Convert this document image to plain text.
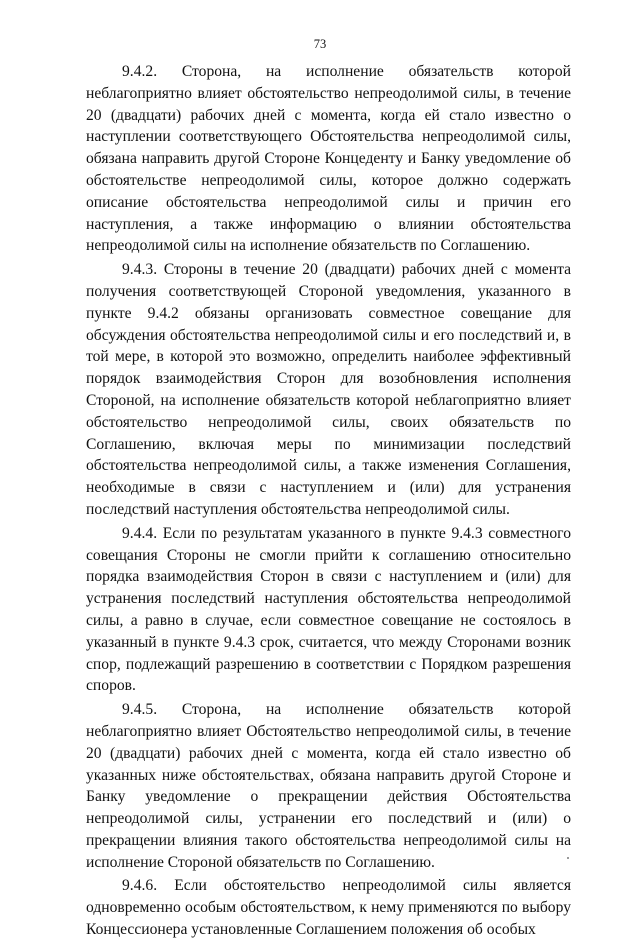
73

9.4.2. Сторона, на исполнение обязательств которой неблагоприятно влияет обстоятельство непреодолимой силы, в течение 20 (двадцати) рабочих дней с момента, когда ей стало известно о наступлении соответствующего Обстоятельства непреодолимой силы, обязана направить другой Стороне Концеденту и Банку уведомление об обстоятельстве непреодолимой силы, которое должно содержать описание обстоятельства непреодолимой силы и причин его наступления, а также информацию о влиянии обстоятельства непреодолимой силы на исполнение обязательств по Соглашению.

9.4.3. Стороны в течение 20 (двадцати) рабочих дней с момента получения соответствующей Стороной уведомления, указанного в пункте 9.4.2 обязаны организовать совместное совещание для обсуждения обстоятельства непреодолимой силы и его последствий и, в той мере, в которой это возможно, определить наиболее эффективный порядок взаимодействия Сторон для возобновления исполнения Стороной, на исполнение обязательств которой неблагоприятно влияет обстоятельство непреодолимой силы, своих обязательств по Соглашению, включая меры по минимизации последствий обстоятельства непреодолимой силы, а также изменения Соглашения, необходимые в связи с наступлением и (или) для устранения последствий наступления обстоятельства непреодолимой силы.

9.4.4. Если по результатам указанного в пункте 9.4.3 совместного совещания Стороны не смогли прийти к соглашению относительно порядка взаимодействия Сторон в связи с наступлением и (или) для устранения последствий наступления обстоятельства непреодолимой силы, а равно в случае, если совместное совещание не состоялось в указанный в пункте 9.4.3 срок, считается, что между Сторонами возник спор, подлежащий разрешению в соответствии с Порядком разрешения споров.

9.4.5. Сторона, на исполнение обязательств которой неблагоприятно влияет Обстоятельство непреодолимой силы, в течение 20 (двадцати) рабочих дней с момента, когда ей стало известно об указанных ниже обстоятельствах, обязана направить другой Стороне и Банку уведомление о прекращении действия Обстоятельства непреодолимой силы, устранении его последствий и (или) о прекращении влияния такого обстоятельства непреодолимой силы на исполнение Стороной обязательств по Соглашению.

9.4.6. Если обстоятельство непреодолимой силы является одновременно особым обстоятельством, к нему применяются по выбору Концессионера установленные Соглашением положения об особых
